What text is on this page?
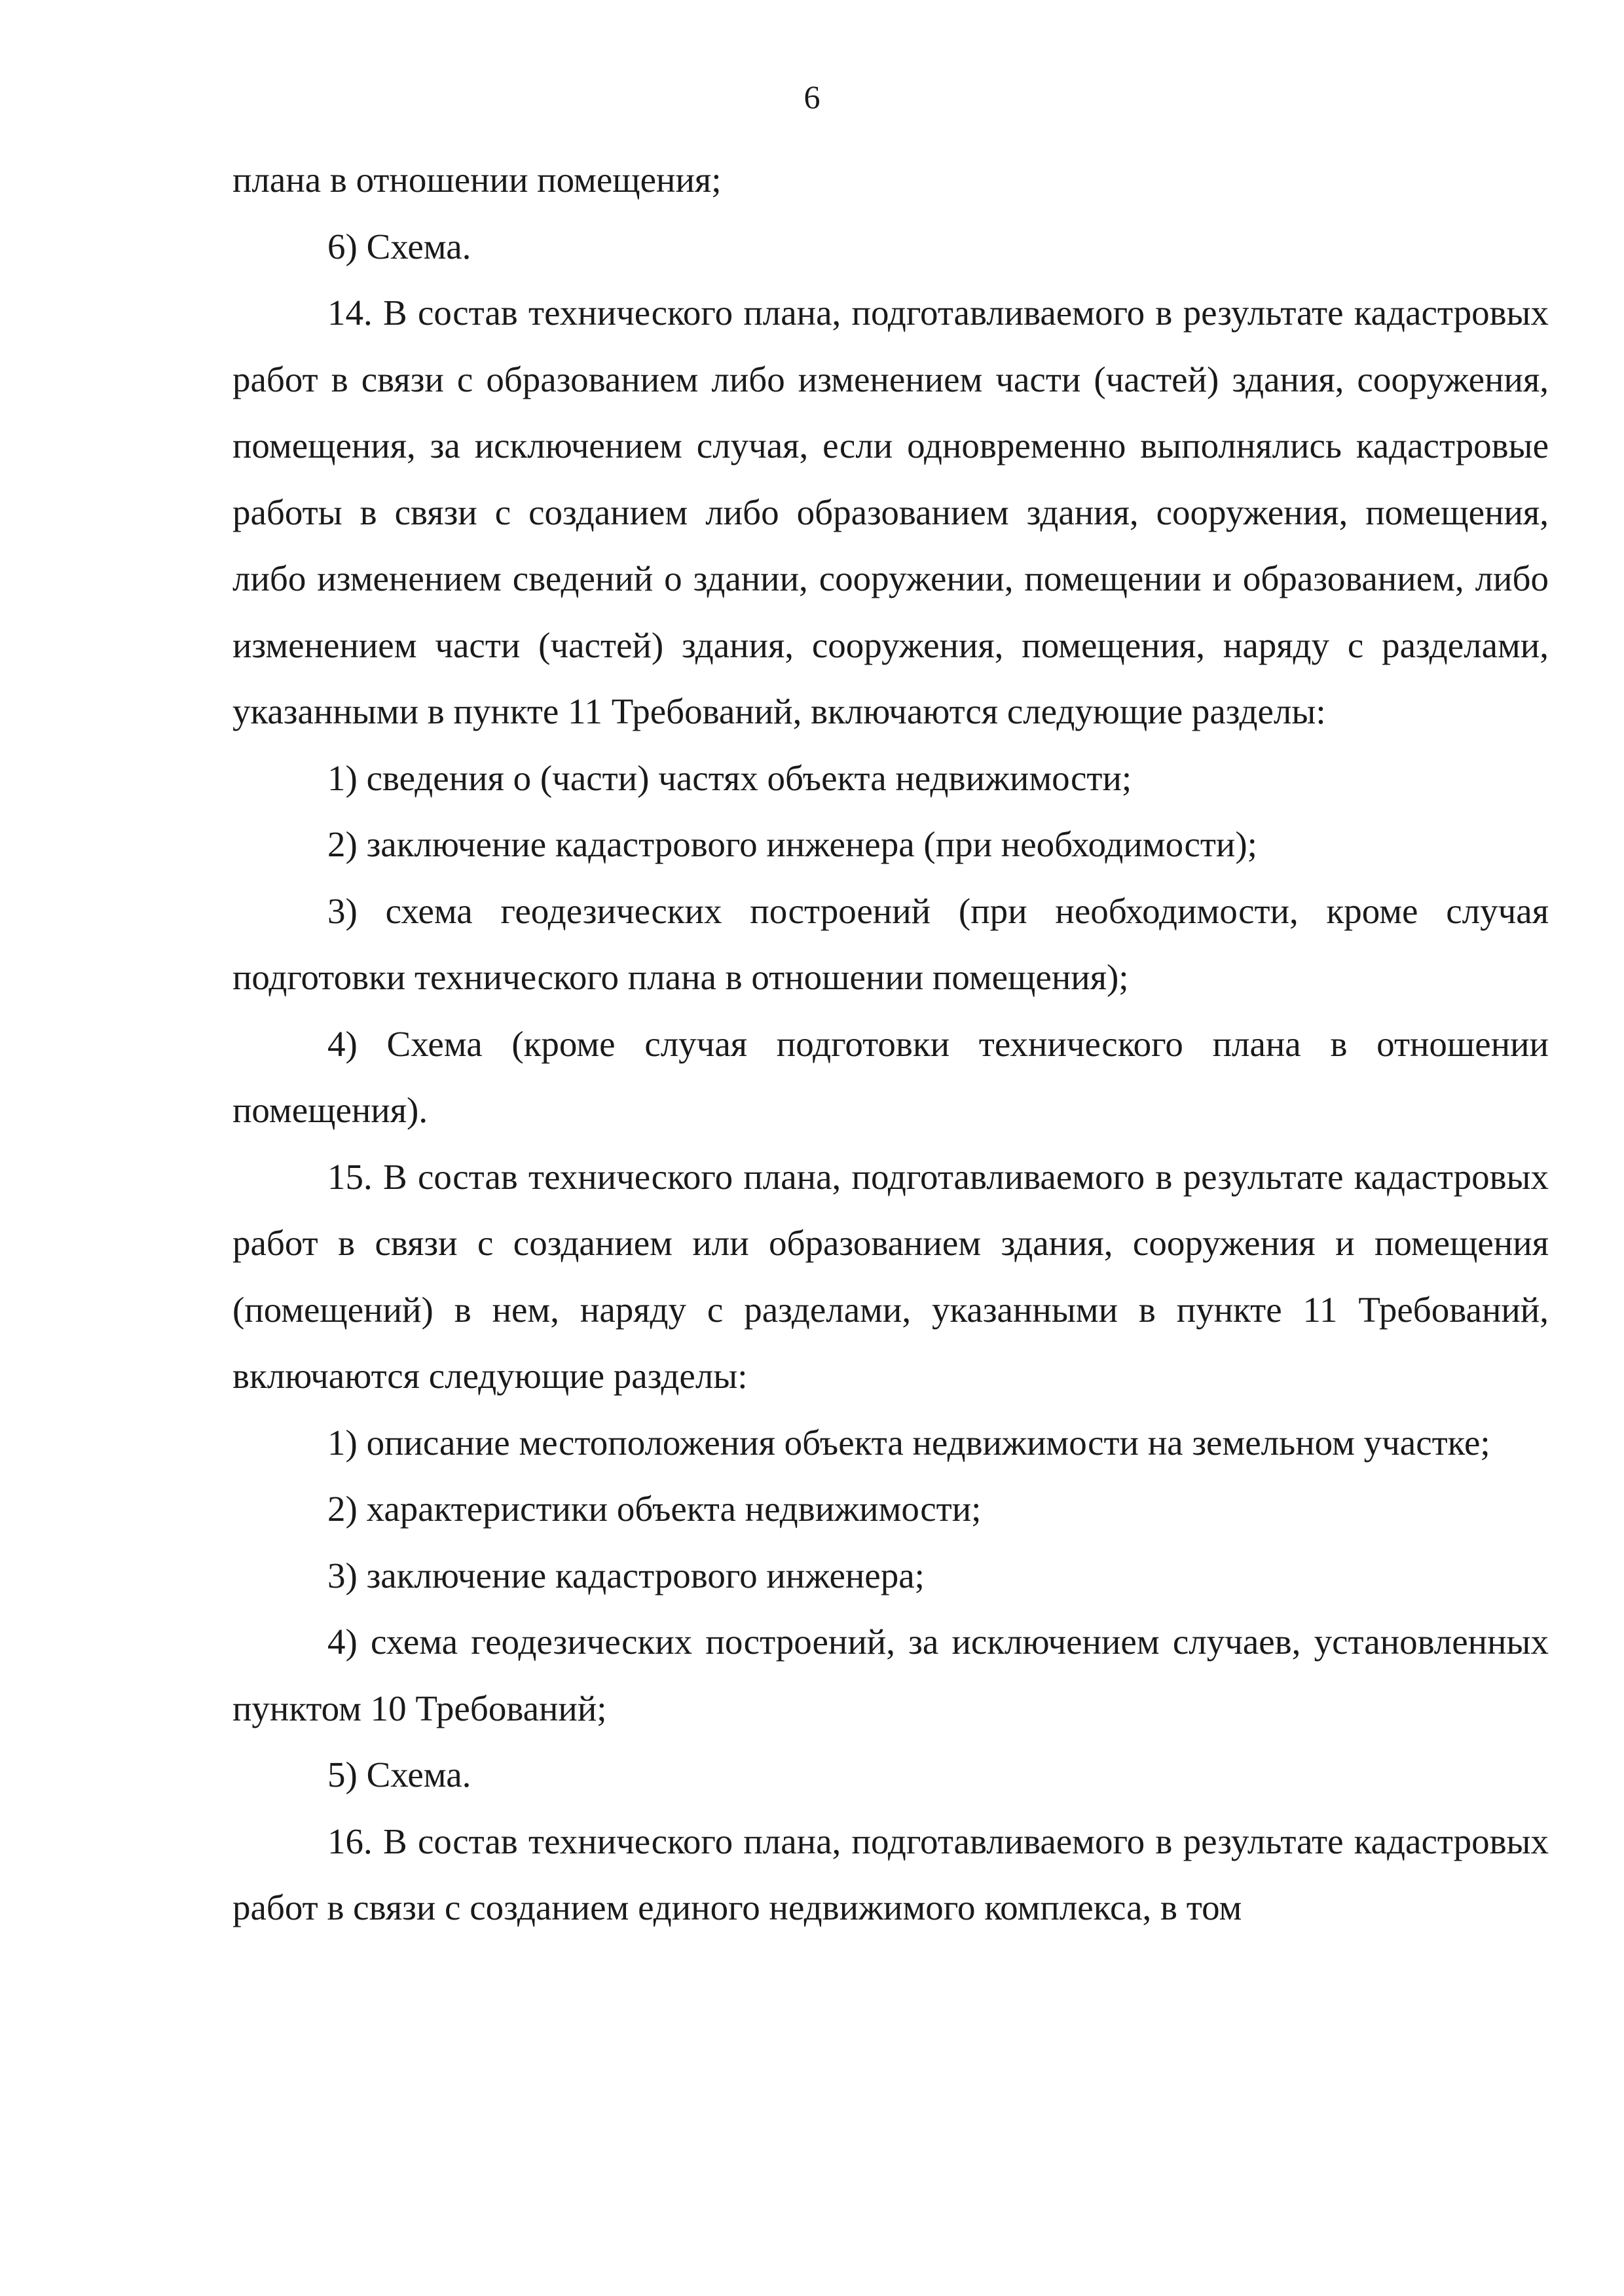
6

плана в отношении помещения;

6) Схема.

14. В состав технического плана, подготавливаемого в результате кадастровых работ в связи с образованием либо изменением части (частей) здания, сооружения, помещения, за исключением случая, если одновременно выполнялись кадастровые работы в связи с созданием либо образованием здания, сооружения, помещения, либо изменением сведений о здании, сооружении, помещении и образованием, либо изменением части (частей) здания, сооружения, помещения, наряду с разделами, указанными в пункте 11 Требований, включаются следующие разделы:

1) сведения о (части) частях объекта недвижимости;

2) заключение кадастрового инженера (при необходимости);

3) схема геодезических построений (при необходимости, кроме случая подготовки технического плана в отношении помещения);

4) Схема (кроме случая подготовки технического плана в отношении помещения).

15. В состав технического плана, подготавливаемого в результате кадастровых работ в связи с созданием или образованием здания, сооружения и помещения (помещений) в нем, наряду с разделами, указанными в пункте 11 Требований, включаются следующие разделы:

1) описание местоположения объекта недвижимости на земельном участке;

2) характеристики объекта недвижимости;

3) заключение кадастрового инженера;

4) схема геодезических построений, за исключением случаев, установленных пунктом 10 Требований;

5) Схема.

16. В состав технического плана, подготавливаемого в результате кадастровых работ в связи с созданием единого недвижимого комплекса, в том
